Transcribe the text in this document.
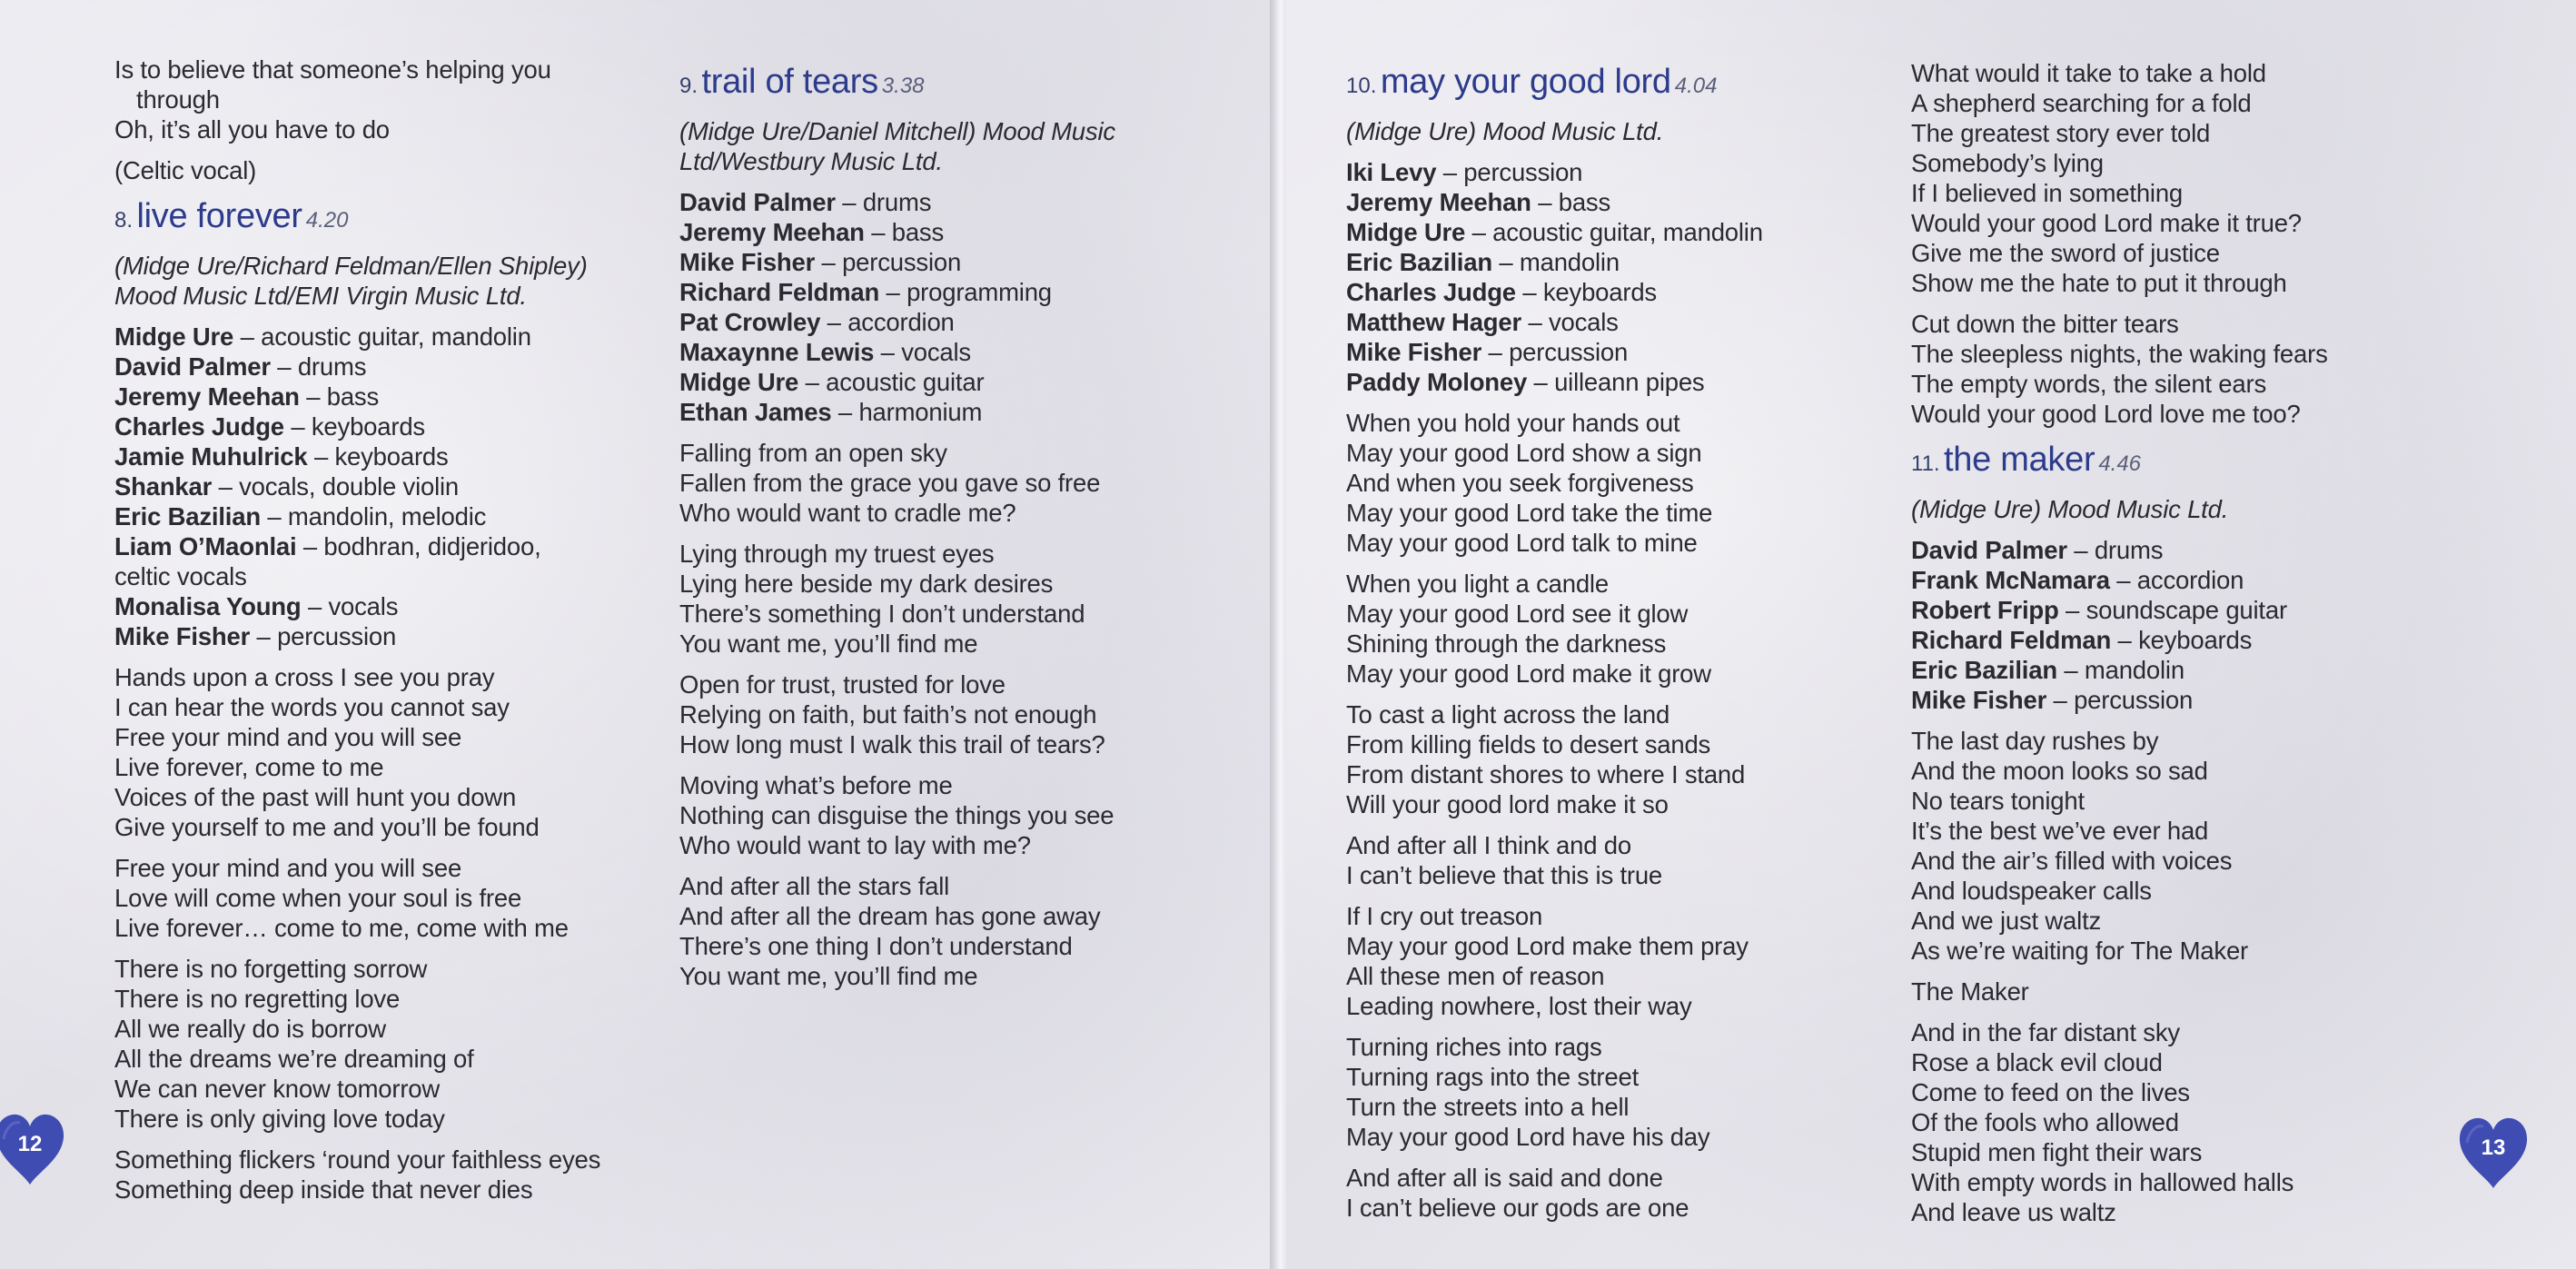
Is to believe that someone’s helping you
through
Oh, it’s all you have to do
(Celtic vocal)
8. live forever 4.20
(Midge Ure/Richard Feldman/Ellen Shipley)
Mood Music Ltd/EMI Virgin Music Ltd.
Midge Ure – acoustic guitar, mandolin
David Palmer – drums
Jeremy Meehan – bass
Charles Judge – keyboards
Jamie Muhulrick – keyboards
Shankar – vocals, double violin
Eric Bazilian – mandolin, melodic
Liam O’Maonlai – bodhran, didjeridoo,
celtic vocals
Monalisa Young – vocals
Mike Fisher – percussion
Hands upon a cross I see you pray
I can hear the words you cannot say
Free your mind and you will see
Live forever, come to me
Voices of the past will hunt you down
Give yourself to me and you’ll be found
Free your mind and you will see
Love will come when your soul is free
Live forever… come to me, come with me
There is no forgetting sorrow
There is no regretting love
All we really do is borrow
All the dreams we’re dreaming of
We can never know tomorrow
There is only giving love today
Something flickers ‘round your faithless eyes
Something deep inside that never dies
9. trail of tears 3.38
(Midge Ure/Daniel Mitchell) Mood Music
Ltd/Westbury Music Ltd.
David Palmer – drums
Jeremy Meehan – bass
Mike Fisher – percussion
Richard Feldman – programming
Pat Crowley – accordion
Maxaynne Lewis – vocals
Midge Ure – acoustic guitar
Ethan James – harmonium
Falling from an open sky
Fallen from the grace you gave so free
Who would want to cradle me?
Lying through my truest eyes
Lying here beside my dark desires
There’s something I don’t understand
You want me, you’ll find me
Open for trust, trusted for love
Relying on faith, but faith’s not enough
How long must I walk this trail of tears?
Moving what’s before me
Nothing can disguise the things you see
Who would want to lay with me?
And after all the stars fall
And after all the dream has gone away
There’s one thing I don’t understand
You want me, you’ll find me
12
10. may your good lord 4.04
(Midge Ure) Mood Music Ltd.
Iki Levy – percussion
Jeremy Meehan – bass
Midge Ure – acoustic guitar, mandolin
Eric Bazilian – mandolin
Charles Judge – keyboards
Matthew Hager – vocals
Mike Fisher – percussion
Paddy Moloney – uilleann pipes
When you hold your hands out
May your good Lord show a sign
And when you seek forgiveness
May your good Lord take the time
May your good Lord talk to mine
When you light a candle
May your good Lord see it glow
Shining through the darkness
May your good Lord make it grow
To cast a light across the land
From killing fields to desert sands
From distant shores to where I stand
Will your good lord make it so
And after all I think and do
I can’t believe that this is true
If I cry out treason
May your good Lord make them pray
All these men of reason
Leading nowhere, lost their way
Turning riches into rags
Turning rags into the street
Turn the streets into a hell
May your good Lord have his day
And after all is said and done
I can’t believe our gods are one
What would it take to take a hold
A shepherd searching for a fold
The greatest story ever told
Somebody’s lying
If I believed in something
Would your good Lord make it true?
Give me the sword of justice
Show me the hate to put it through
Cut down the bitter tears
The sleepless nights, the waking fears
The empty words, the silent ears
Would your good Lord love me too?
11. the maker 4.46
(Midge Ure) Mood Music Ltd.
David Palmer – drums
Frank McNamara – accordion
Robert Fripp – soundscape guitar
Richard Feldman – keyboards
Eric Bazilian – mandolin
Mike Fisher – percussion
The last day rushes by
And the moon looks so sad
No tears tonight
It’s the best we’ve ever had
And the air’s filled with voices
And loudspeaker calls
And we just waltz
As we’re waiting for The Maker
The Maker
And in the far distant sky
Rose a black evil cloud
Come to feed on the lives
Of the fools who allowed
Stupid men fight their wars
With empty words in hallowed halls
And leave us waltz
13
